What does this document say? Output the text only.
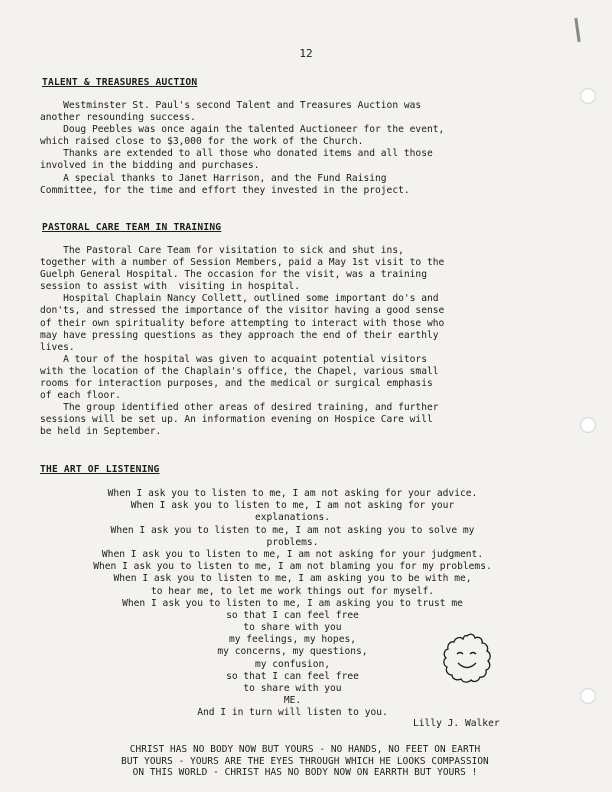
12
TALENT & TREASURES AUCTION
Westminster St. Paul's second Talent and Treasures Auction was
another resounding success.
Doug Peebles was once again the talented Auctioneer for the event,
which raised close to $3,000 for the work of the Church.
Thanks are extended to all those who donated items and all those
involved in the bidding and purchases.
A special thanks to Janet Harrison, and the Fund Raising
Committee, for the time and effort they invested in the project.
PASTORAL CARE TEAM IN TRAINING
The Pastoral Care Team for visitation to sick and shut ins,
together with a number of Session Members, paid a May 1st visit to the
Guelph General Hospital. The occasion for the visit, was a training
session to assist with  visiting in hospital.
Hospital Chaplain Nancy Collett, outlined some important do's and
don'ts, and stressed the importance of the visitor having a good sense
of their own spirituality before attempting to interact with those who
may have pressing questions as they approach the end of their earthly
lives.
A tour of the hospital was given to acquaint potential visitors
with the location of the Chaplain's office, the Chapel, various small
rooms for interaction purposes, and the medical or surgical emphasis
of each floor.
The group identified other areas of desired training, and further
sessions will be set up. An information evening on Hospice Care will
be held in September.
THE ART OF LISTENING
When I ask you to listen to me, I am not asking for your advice.
When I ask you to listen to me, I am not asking for your
explanations.
When I ask you to listen to me, I am not asking you to solve my
problems.
When I ask you to listen to me, I am not asking for your judgment.
When I ask you to listen to me, I am not blaming you for my problems.
When I ask you to listen to me, I am asking you to be with me,
to hear me, to let me work things out for myself.
When I ask you to listen to me, I am asking you to trust me
so that I can feel free
to share with you
my feelings, my hopes,
my concerns, my questions,
my confusion,
so that I can feel free
to share with you
ME.
And I in turn will listen to you.
Lilly J. Walker
CHRIST HAS NO BODY NOW BUT YOURS - NO HANDS, NO FEET ON EARTH
BUT YOURS - YOURS ARE THE EYES THROUGH WHICH HE LOOKS COMPASSION
ON THIS WORLD - CHRIST HAS NO BODY NOW ON EARRTH BUT YOURS !
